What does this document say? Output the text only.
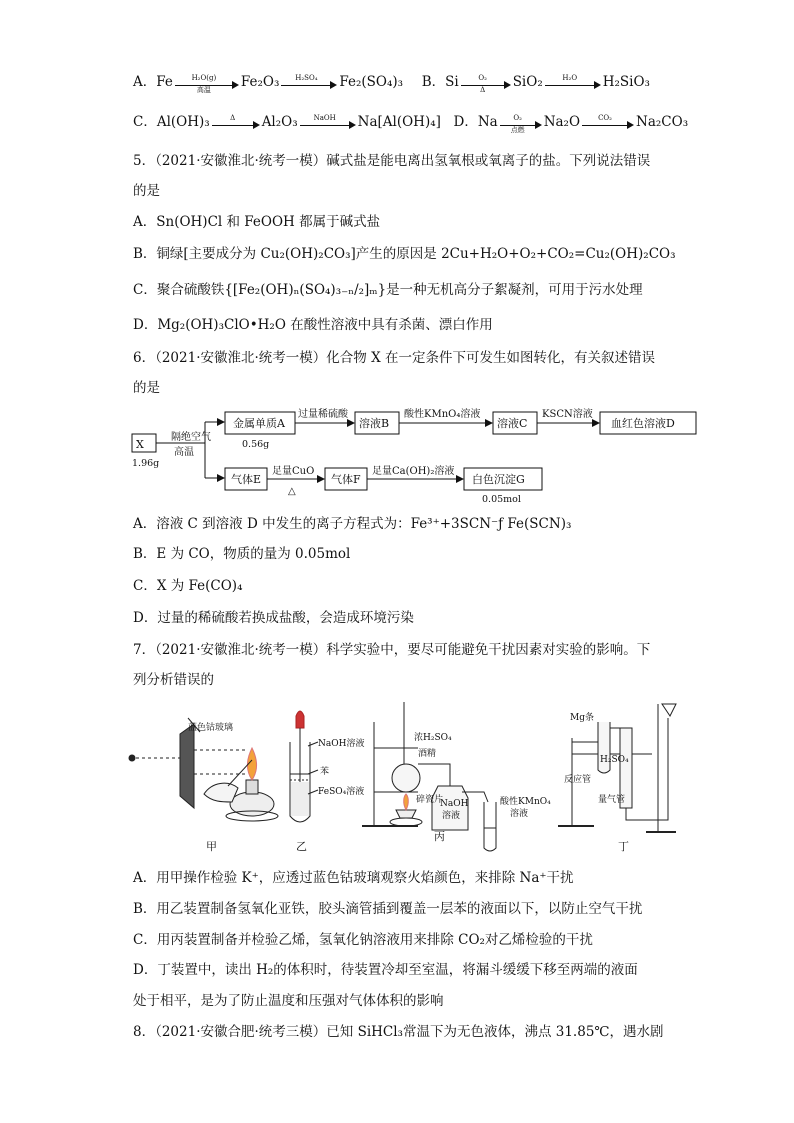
A．Fe	H₂O(g)
高温	Fe₂O₃	H₂SO₄	Fe₂(SO₄)₃ B．Si $\frac{\text{O₂}}{\Delta} SiO_2$	H₂O	H₂SiO₃
C．Al(OH)₃	Δ	Al₂O₃	NaOH	Na[Al(OH)₄] D．Na	O₂
点燃	Na₂O	CO₂	Na₂CO₃
5．（2021·安徽淮北·统考一模）碱式盐是能电离出氢氧根或氧离子的盐。下列说法错误
的是
A．Sn(OH)Cl 和 FeOOH 都属于碱式盐
B．铜绿[主要成分为 Cu₂(OH)₂CO₃]产生的原因是 2Cu+H₂O+O₂+CO₂=Cu₂(OH)₂CO₃
C．聚合硫酸铁{[Fe₂(OH)ₙ(SO₄)₃₋ₙ/₂]ₘ}是一种无机高分子絮凝剂，可用于污水处理
D．Mg₂(OH)₃ClO•H₂O 在酸性溶液中具有杀菌、漂白作用
6．（2021·安徽淮北·统考一模）化合物 X 在一定条件下可发生如图转化，有关叙述错误
的是
X
1.96g
隔绝空气
高温
金属单质A
0.56g
过量稀硫酸
溶液B
酸性KMnO₄溶液
溶液C
KSCN溶液
血红色溶液D
气体E
足量CuO
△
气体F
足量Ca(OH)₂溶液
白色沉淀G
0.05mol
A．溶液 C 到溶液 D 中发生的离子方程式为：Fe³⁺+3SCN⁻ƒ Fe(SCN)₃
B．E 为 CO，物质的量为 0.05mol
C．X 为 Fe(CO)₄
D．过量的稀硫酸若换成盐酸，会造成环境污染
7．（2021·安徽淮北·统考一模）科学实验中，要尽可能避免干扰因素对实验的影响。下
列分析错误的
蓝色钴玻璃
甲
NaOH溶液
苯
FeSO₄溶液
乙
浓H₂SO₄
酒精
碎瓷片
NaOH
溶液
酸性KMnO₄
溶液
丙
Mg条
H₂SO₄
反应管
量气管
丁
A．用甲操作检验 K⁺，应透过蓝色钴玻璃观察火焰颜色，来排除 Na⁺干扰
B．用乙装置制备氢氧化亚铁，胶头滴管插到覆盖一层苯的液面以下，以防止空气干扰
C．用丙装置制备并检验乙烯，氢氧化钠溶液用来排除 CO₂对乙烯检验的干扰
D．丁装置中，读出 H₂的体积时，待装置冷却至室温，将漏斗缓缓下移至两端的液面
处于相平，是为了防止温度和压强对气体体积的影响
8．（2021·安徽合肥·统考三模）已知 SiHCl₃常温下为无色液体，沸点 31.85℃，遇水剧
